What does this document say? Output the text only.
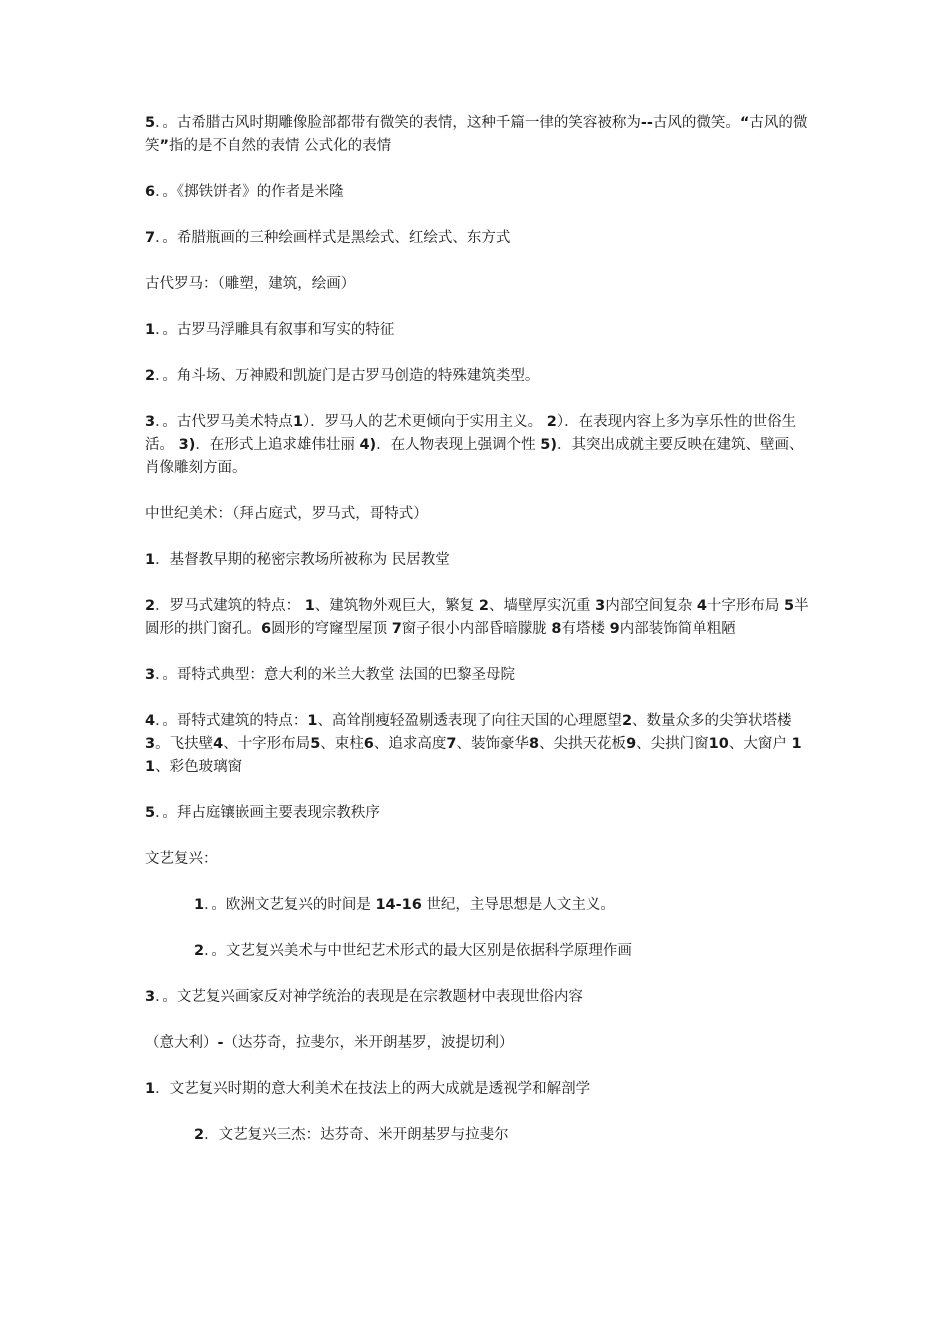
5．。古希腊古风时期雕像脸部都带有微笑的表情，这种千篇一律的笑容被称为--古风的微笑。“古风的微笑”指的是不自然的表情 公式化的表情

6．。《掷铁饼者》的作者是米隆

7．。希腊瓶画的三种绘画样式是黑绘式、红绘式、东方式

古代罗马：（雕塑，建筑，绘画）

1．。古罗马浮雕具有叙事和写实的特征

2．。角斗场、万神殿和凯旋门是古罗马创造的特殊建筑类型。

3．。古代罗马美术特点1）．罗马人的艺术更倾向于实用主义。 2）．在表现内容上多为享乐性的世俗生活。 3)．在形式上追求雄伟壮丽 4)．在人物表现上强调个性 5)．其突出成就主要反映在建筑、壁画、肖像雕刻方面。

中世纪美术：（拜占庭式，罗马式，哥特式）

1．基督教早期的秘密宗教场所被称为 民居教堂

2．罗马式建筑的特点： 1、建筑物外观巨大，繁复 2、墙壁厚实沉重 3内部空间复杂 4十字形布局 5半圆形的拱门窗孔。6圆形的穹窿型屋顶 7窗子很小内部昏暗朦胧 8有塔楼 9内部装饰简单粗陋

3．。哥特式典型：意大利的米兰大教堂 法国的巴黎圣母院

4．。哥特式建筑的特点：1、高耸削瘦轻盈剔透表现了向往天国的心理愿望2、数量众多的尖笋状塔楼 3。飞扶壁4、十字形布局5、束柱6、追求高度7、装饰豪华8、尖拱天花板9、尖拱门窗10、大窗户 11、彩色玻璃窗

5．。拜占庭镶嵌画主要表现宗教秩序

文艺复兴：

1．。欧洲文艺复兴的时间是 14-16 世纪，主导思想是人文主义。

2．。文艺复兴美术与中世纪艺术形式的最大区别是依据科学原理作画

3．。文艺复兴画家反对神学统治的表现是在宗教题材中表现世俗内容

（意大利）-（达芬奇，拉斐尔，米开朗基罗，波提切利）

1．文艺复兴时期的意大利美术在技法上的两大成就是透视学和解剖学

2．文艺复兴三杰：达芬奇、米开朗基罗与拉斐尔
